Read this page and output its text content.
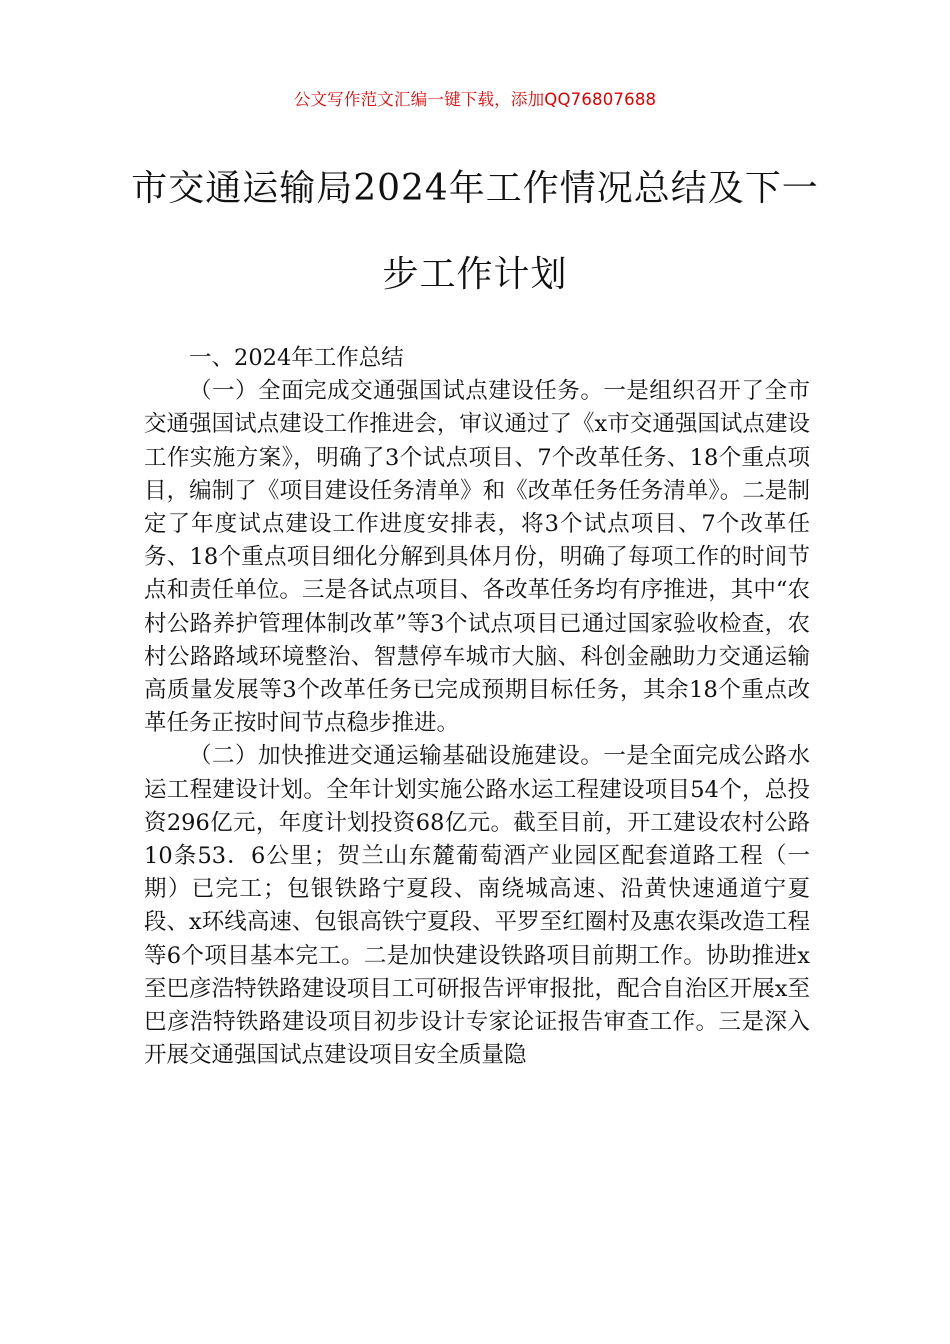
公文写作范文汇编一键下载，添加QQ76807688
市交通运输局2024年工作情况总结及下一
步工作计划

一、2024年工作总结

（一）全面完成交通强国试点建设任务。一是组织召开了全市交通强国试点建设工作推进会，审议通过了《x市交通强国试点建设工作实施方案》，明确了3个试点项目、7个改革任务、18个重点项目，编制了《项目建设任务清单》和《改革任务任务清单》。二是制定了年度试点建设工作进度安排表，将3个试点项目、7个改革任务、18个重点项目细化分解到具体月份，明确了每项工作的时间节点和责任单位。三是各试点项目、各改革任务均有序推进，其中“农村公路养护管理体制改革”等3个试点项目已通过国家验收检查，农村公路路域环境整治、智慧停车城市大脑、科创金融助力交通运输高质量发展等3个改革任务已完成预期目标任务，其余18个重点改革任务正按时间节点稳步推进。

（二）加快推进交通运输基础设施建设。一是全面完成公路水运工程建设计划。全年计划实施公路水运工程建设项目54个，总投资296亿元，年度计划投资68亿元。截至目前，开工建设农村公路10条53．6公里；贺兰山东麓葡萄酒产业园区配套道路工程（一期）已完工；包银铁路宁夏段、南绕城高速、沿黄快速通道宁夏段、x环线高速、包银高铁宁夏段、平罗至红圈村及惠农渠改造工程等6个项目基本完工。二是加快建设铁路项目前期工作。协助推进x至巴彦浩特铁路建设项目工可研报告评审报批，配合自治区开展x至巴彦浩特铁路建设项目初步设计专家论证报告审查工作。三是深入开展交通强国试点建设项目安全质量隐
